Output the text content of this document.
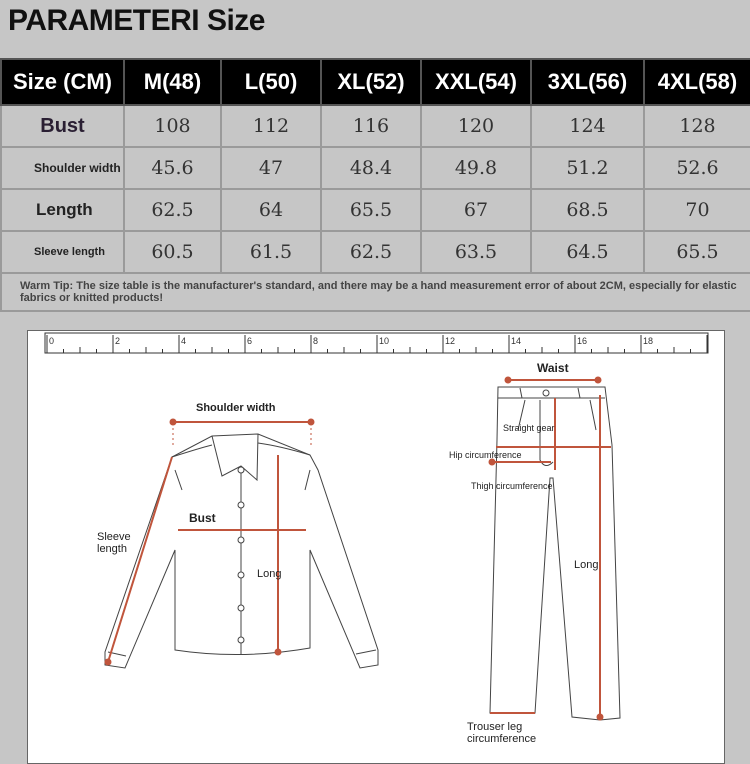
PARAMETERI Size
Size (CM)	M(48)	L(50)	XL(52)	XXL(54)	3XL(56)	4XL(58)
Bust	108	112	116	120	124	128
Shoulder width	45.6	47	48.4	49.8	51.2	52.6
Length	62.5	64	65.5	67	68.5	70
Sleeve length	60.5	61.5	62.5	63.5	64.5	65.5
Warm Tip: The size table is the manufacturer's standard, and there may be a hand measurement error of about 2CM, especially for elastic fabrics or knitted products!						
0	2	4	6	8	10	12	14	16	18
Shoulder width
Bust
Sleeve length
Long
Waist
Straight gear
Hip circumference
Thigh circumference
Long
Trouser leg circumference
